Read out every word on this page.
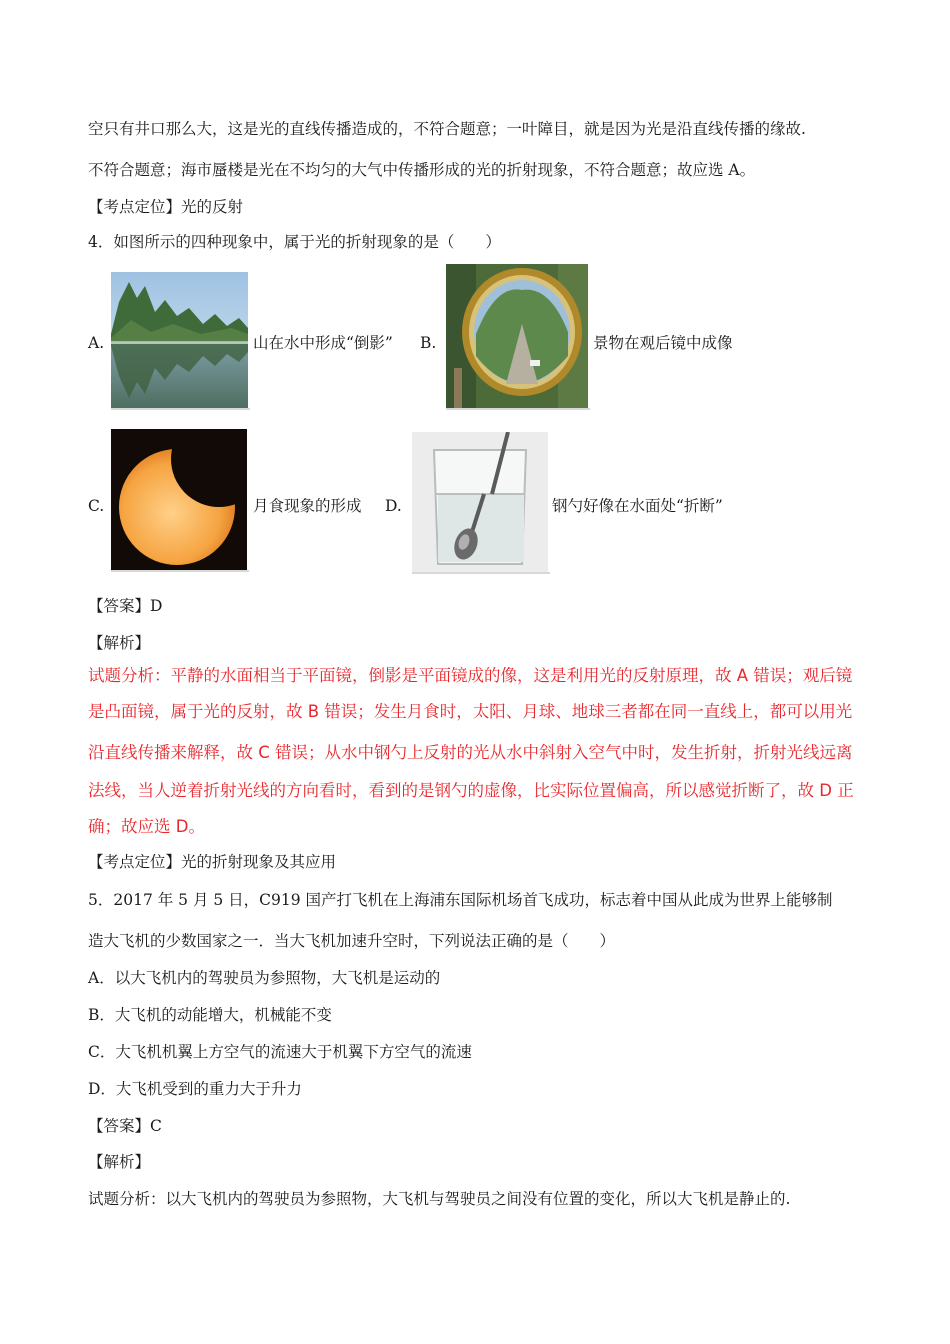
空只有井口那么大，这是光的直线传播造成的，不符合题意；一叶障目，就是因为光是沿直线传播的缘故.
不符合题意；海市蜃楼是光在不均匀的大气中传播形成的光的折射现象，不符合题意；故应选 A。
【考点定位】光的反射
4．如图所示的四种现象中，属于光的折射现象的是（　　）
A.	山在水中形成“倒影” B.	景物在观后镜中成像
C.	月食现象的形成 D.	钢勺好像在水面处“折断”
【答案】D
【解析】
试题分析：平静的水面相当于平面镜，倒影是平面镜成的像，这是利用光的反射原理，故 A 错误；观后镜
是凸面镜，属于光的反射，故 B 错误；发生月食时，太阳、月球、地球三者都在同一直线上，都可以用光
沿直线传播来解释，故 C 错误；从水中钢勺上反射的光从水中斜射入空气中时，发生折射，折射光线远离
法线，当人逆着折射光线的方向看时，看到的是钢勺的虚像，比实际位置偏高，所以感觉折断了，故 D 正
确；故应选 D。
【考点定位】光的折射现象及其应用
5．2017 年 5 月 5 日，C919 国产打飞机在上海浦东国际机场首飞成功，标志着中国从此成为世界上能够制
造大飞机的少数国家之一．当大飞机加速升空时，下列说法正确的是（　　）
A．以大飞机内的驾驶员为参照物，大飞机是运动的
B．大飞机的动能增大，机械能不变
C．大飞机机翼上方空气的流速大于机翼下方空气的流速
D．大飞机受到的重力大于升力
【答案】C
【解析】
试题分析：以大飞机内的驾驶员为参照物，大飞机与驾驶员之间没有位置的变化，所以大飞机是静止的.
